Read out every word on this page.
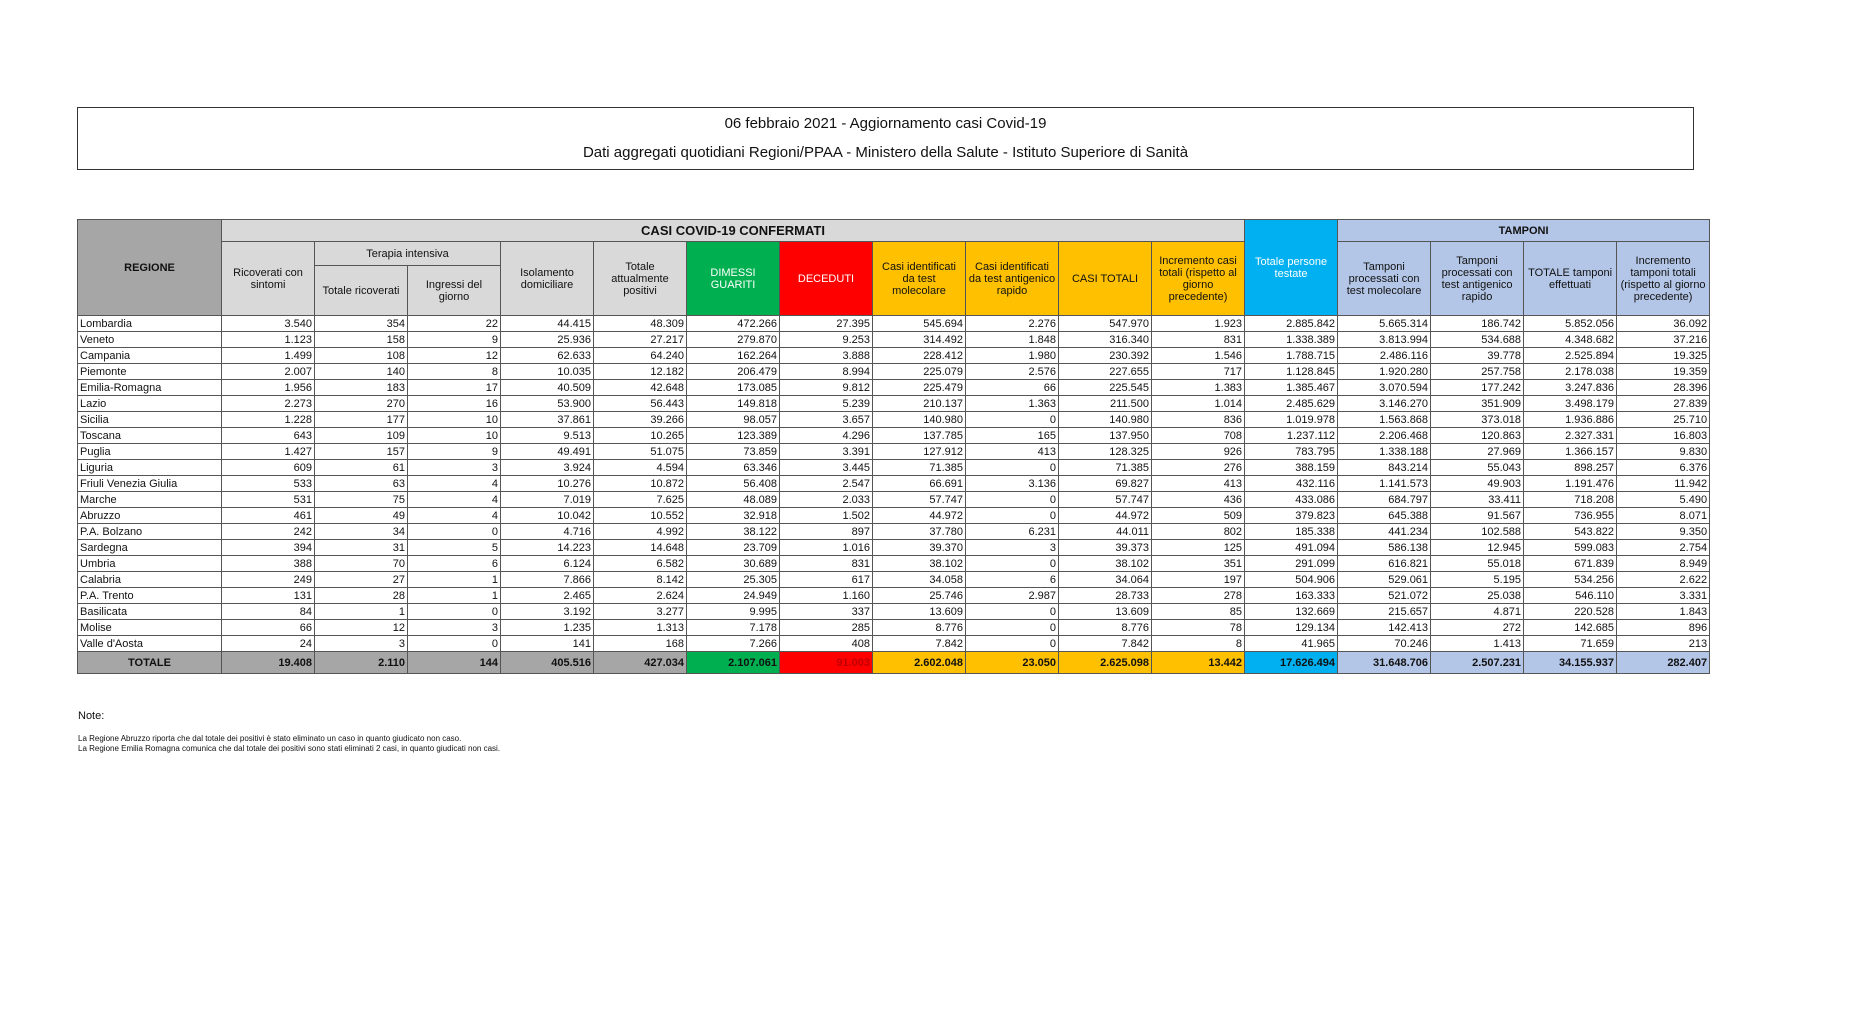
06 febbraio 2021 - Aggiornamento casi Covid-19
Dati aggregati quotidiani Regioni/PPAA - Ministero della Salute - Istituto Superiore di Sanità
REGIONE	CASI COVID-19 CONFERMATI											Totale persone testate	TAMPONI			
	Ricoverati con sintomi	Terapia intensiva		Isolamento domiciliare	Totale attualmente positivi	DIMESSI GUARITI	DECEDUTI	Casi identificati da test molecolare	Casi identificati da test antigenico rapido	CASI TOTALI	Incremento casi totali (rispetto al giorno precedente)		Tamponi processati con test molecolare	Tamponi processati con test antigenico rapido	TOTALE tamponi effettuati	Incremento tamponi totali (rispetto al giorno precedente)
		Totale ricoverati	Ingressi del giorno													
Lombardia	3.540	354	22	44.415	48.309	472.266	27.395	545.694	2.276	547.970	1.923	2.885.842	5.665.314	186.742	5.852.056	36.092
Veneto	1.123	158	9	25.936	27.217	279.870	9.253	314.492	1.848	316.340	831	1.338.389	3.813.994	534.688	4.348.682	37.216
Campania	1.499	108	12	62.633	64.240	162.264	3.888	228.412	1.980	230.392	1.546	1.788.715	2.486.116	39.778	2.525.894	19.325
Piemonte	2.007	140	8	10.035	12.182	206.479	8.994	225.079	2.576	227.655	717	1.128.845	1.920.280	257.758	2.178.038	19.359
Emilia-Romagna	1.956	183	17	40.509	42.648	173.085	9.812	225.479	66	225.545	1.383	1.385.467	3.070.594	177.242	3.247.836	28.396
Lazio	2.273	270	16	53.900	56.443	149.818	5.239	210.137	1.363	211.500	1.014	2.485.629	3.146.270	351.909	3.498.179	27.839
Sicilia	1.228	177	10	37.861	39.266	98.057	3.657	140.980	0	140.980	836	1.019.978	1.563.868	373.018	1.936.886	25.710
Toscana	643	109	10	9.513	10.265	123.389	4.296	137.785	165	137.950	708	1.237.112	2.206.468	120.863	2.327.331	16.803
Puglia	1.427	157	9	49.491	51.075	73.859	3.391	127.912	413	128.325	926	783.795	1.338.188	27.969	1.366.157	9.830
Liguria	609	61	3	3.924	4.594	63.346	3.445	71.385	0	71.385	276	388.159	843.214	55.043	898.257	6.376
Friuli Venezia Giulia	533	63	4	10.276	10.872	56.408	2.547	66.691	3.136	69.827	413	432.116	1.141.573	49.903	1.191.476	11.942
Marche	531	75	4	7.019	7.625	48.089	2.033	57.747	0	57.747	436	433.086	684.797	33.411	718.208	5.490
Abruzzo	461	49	4	10.042	10.552	32.918	1.502	44.972	0	44.972	509	379.823	645.388	91.567	736.955	8.071
P.A. Bolzano	242	34	0	4.716	4.992	38.122	897	37.780	6.231	44.011	802	185.338	441.234	102.588	543.822	9.350
Sardegna	394	31	5	14.223	14.648	23.709	1.016	39.370	3	39.373	125	491.094	586.138	12.945	599.083	2.754
Umbria	388	70	6	6.124	6.582	30.689	831	38.102	0	38.102	351	291.099	616.821	55.018	671.839	8.949
Calabria	249	27	1	7.866	8.142	25.305	617	34.058	6	34.064	197	504.906	529.061	5.195	534.256	2.622
P.A. Trento	131	28	1	2.465	2.624	24.949	1.160	25.746	2.987	28.733	278	163.333	521.072	25.038	546.110	3.331
Basilicata	84	1	0	3.192	3.277	9.995	337	13.609	0	13.609	85	132.669	215.657	4.871	220.528	1.843
Molise	66	12	3	1.235	1.313	7.178	285	8.776	0	8.776	78	129.134	142.413	272	142.685	896
Valle d'Aosta	24	3	0	141	168	7.266	408	7.842	0	7.842	8	41.965	70.246	1.413	71.659	213
TOTALE	19.408	2.110	144	405.516	427.034	2.107.061	91.003	2.602.048	23.050	2.625.098	13.442	17.626.494	31.648.706	2.507.231	34.155.937	282.407
Note:
La Regione Abruzzo riporta che dal totale dei positivi è stato eliminato un caso in quanto giudicato non caso.
La Regione Emilia Romagna comunica che dal totale dei positivi sono stati eliminati 2 casi, in quanto giudicati non casi.
